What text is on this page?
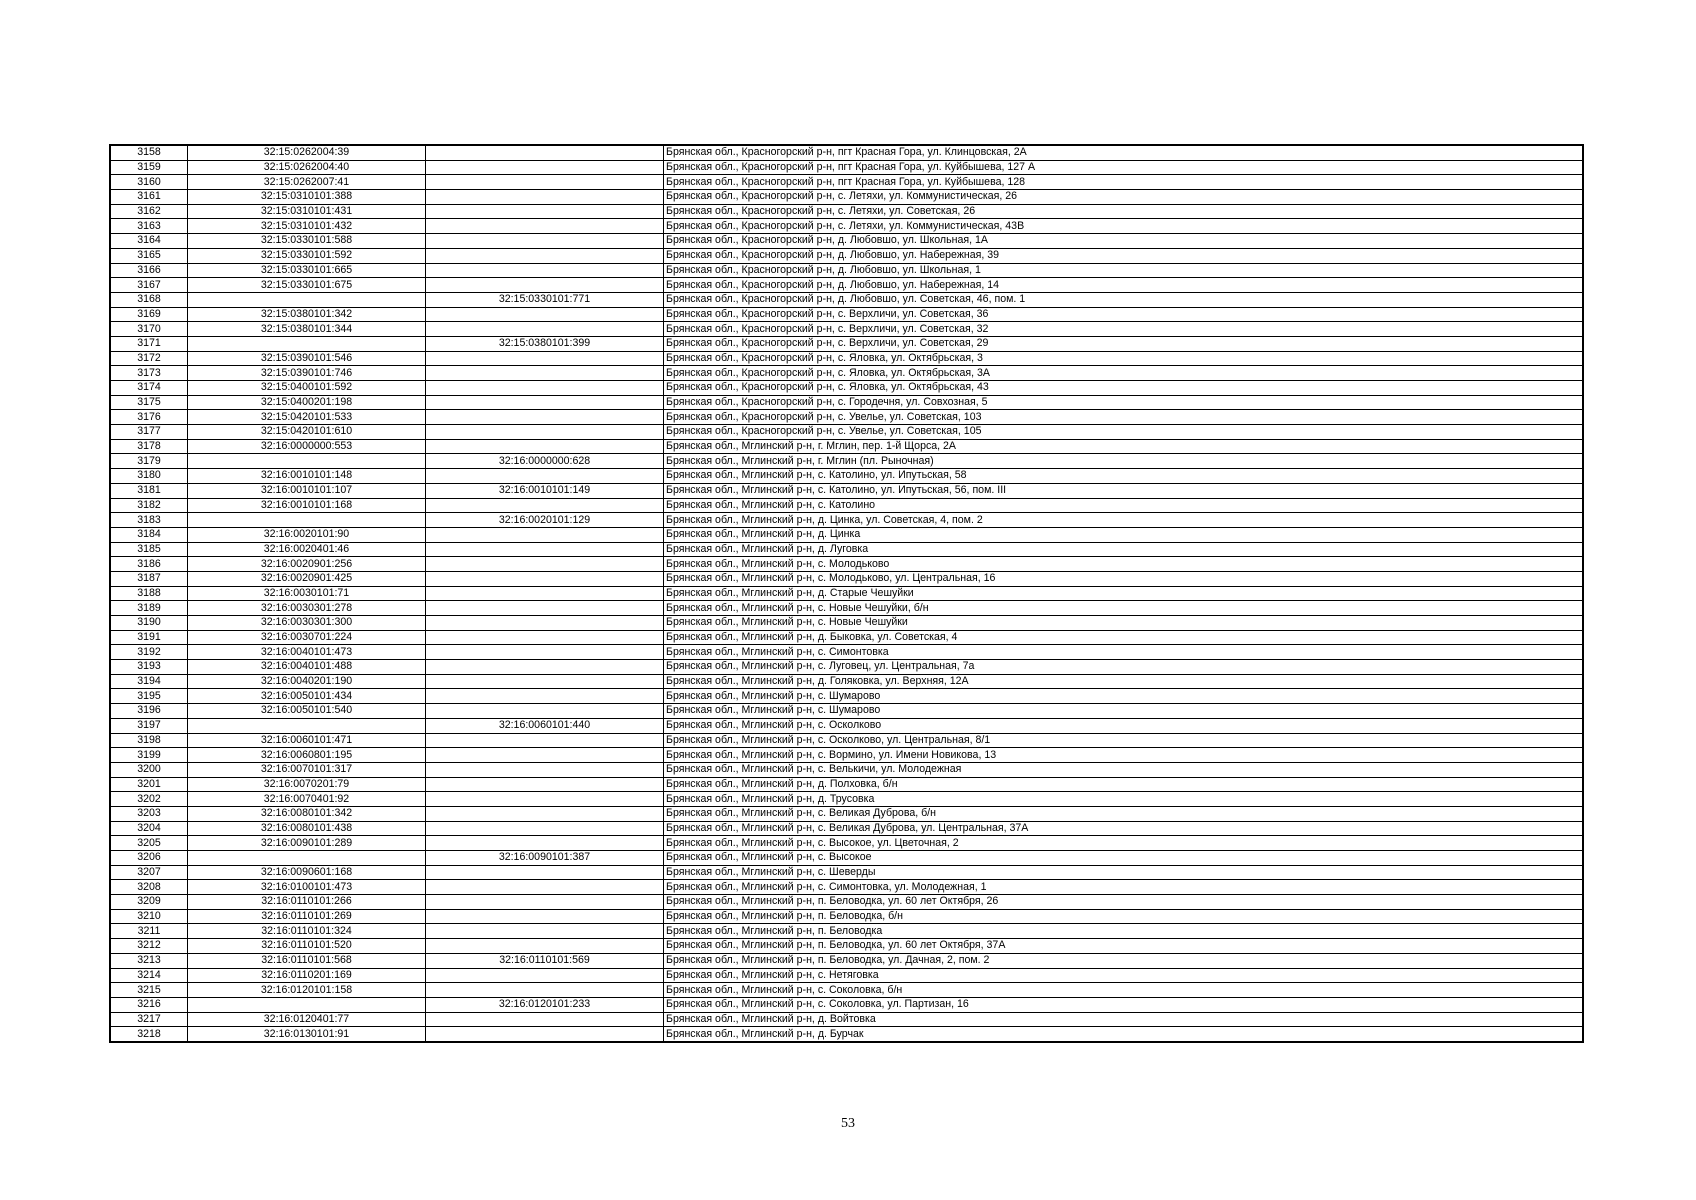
3158	32:15:0262004:39		Брянская обл., Красногорский р-н, пгт Красная Гора, ул. Клинцовская, 2А
3159	32:15:0262004:40		Брянская обл., Красногорский р-н, пгт Красная Гора, ул. Куйбышева, 127 А
3160	32:15:0262007:41		Брянская обл., Красногорский р-н, пгт Красная Гора, ул. Куйбышева, 128
3161	32:15:0310101:388		Брянская обл., Красногорский р-н, с. Летяхи, ул. Коммунистическая, 26
3162	32:15:0310101:431		Брянская обл., Красногорский р-н, с. Летяхи, ул. Советская, 26
3163	32:15:0310101:432		Брянская обл., Красногорский р-н, с. Летяхи, ул. Коммунистическая, 43В
3164	32:15:0330101:588		Брянская обл., Красногорский р-н, д. Любовшо, ул. Школьная, 1А
3165	32:15:0330101:592		Брянская обл., Красногорский р-н, д. Любовшо, ул. Набережная, 39
3166	32:15:0330101:665		Брянская обл., Красногорский р-н, д. Любовшо, ул. Школьная, 1
3167	32:15:0330101:675		Брянская обл., Красногорский р-н, д. Любовшо, ул. Набережная, 14
3168		32:15:0330101:771	Брянская обл., Красногорский р-н, д. Любовшо, ул. Советская, 46, пом. 1
3169	32:15:0380101:342		Брянская обл., Красногорский р-н, с. Верхличи, ул. Советская, 36
3170	32:15:0380101:344		Брянская обл., Красногорский р-н, с. Верхличи, ул. Советская, 32
3171		32:15:0380101:399	Брянская обл., Красногорский р-н, с. Верхличи, ул. Советская, 29
3172	32:15:0390101:546		Брянская обл., Красногорский р-н, с. Яловка, ул. Октябрьская, 3
3173	32:15:0390101:746		Брянская обл., Красногорский р-н, с. Яловка, ул. Октябрьская, 3А
3174	32:15:0400101:592		Брянская обл., Красногорский р-н, с. Яловка, ул. Октябрьская, 43
3175	32:15:0400201:198		Брянская обл., Красногорский р-н, с. Городечня, ул. Совхозная, 5
3176	32:15:0420101:533		Брянская обл., Красногорский р-н, с. Увелье, ул. Советская, 103
3177	32:15:0420101:610		Брянская обл., Красногорский р-н, с. Увелье, ул. Советская, 105
3178	32:16:0000000:553		Брянская обл., Мглинский р-н, г. Мглин, пер. 1-й Щорса, 2А
3179		32:16:0000000:628	Брянская обл., Мглинский р-н, г. Мглин (пл. Рыночная)
3180	32:16:0010101:148		Брянская обл., Мглинский р-н, с. Католино, ул. Ипутьская, 58
3181	32:16:0010101:107	32:16:0010101:149	Брянская обл., Мглинский р-н, с. Католино, ул. Ипутьская, 56, пом. III
3182	32:16:0010101:168		Брянская обл., Мглинский р-н, с. Католино
3183		32:16:0020101:129	Брянская обл., Мглинский р-н, д. Цинка, ул. Советская, 4, пом. 2
3184	32:16:0020101:90		Брянская обл., Мглинский р-н, д. Цинка
3185	32:16:0020401:46		Брянская обл., Мглинский р-н, д. Луговка
3186	32:16:0020901:256		Брянская обл., Мглинский р-н, с. Молодьково
3187	32:16:0020901:425		Брянская обл., Мглинский р-н, с. Молодьково, ул. Центральная, 16
3188	32:16:0030101:71		Брянская обл., Мглинский р-н, д. Старые Чешуйки
3189	32:16:0030301:278		Брянская обл., Мглинский р-н, с. Новые Чешуйки, б/н
3190	32:16:0030301:300		Брянская обл., Мглинский р-н, с. Новые Чешуйки
3191	32:16:0030701:224		Брянская обл., Мглинский р-н, д. Быковка, ул. Советская, 4
3192	32:16:0040101:473		Брянская обл., Мглинский р-н, с. Симонтовка
3193	32:16:0040101:488		Брянская обл., Мглинский р-н, с. Луговец, ул. Центральная, 7а
3194	32:16:0040201:190		Брянская обл., Мглинский р-н, д. Голяковка, ул. Верхняя, 12А
3195	32:16:0050101:434		Брянская обл., Мглинский р-н, с. Шумарово
3196	32:16:0050101:540		Брянская обл., Мглинский р-н, с. Шумарово
3197		32:16:0060101:440	Брянская обл., Мглинский р-н, с. Осколково
3198	32:16:0060101:471		Брянская обл., Мглинский р-н, с. Осколково, ул. Центральная, 8/1
3199	32:16:0060801:195		Брянская обл., Мглинский р-н, с. Вормино, ул. Имени Новикова, 13
3200	32:16:0070101:317		Брянская обл., Мглинский р-н, с. Велькичи, ул. Молодежная
3201	32:16:0070201:79		Брянская обл., Мглинский р-н, д. Полховка, б/н
3202	32:16:0070401:92		Брянская обл., Мглинский р-н, д. Трусовка
3203	32:16:0080101:342		Брянская обл., Мглинский р-н, с. Великая Дуброва, б/н
3204	32:16:0080101:438		Брянская обл., Мглинский р-н, с. Великая Дуброва, ул. Центральная, 37А
3205	32:16:0090101:289		Брянская обл., Мглинский р-н, с. Высокое, ул. Цветочная, 2
3206		32:16:0090101:387	Брянская обл., Мглинский р-н, с. Высокое
3207	32:16:0090601:168		Брянская обл., Мглинский р-н, с. Шеверды
3208	32:16:0100101:473		Брянская обл., Мглинский р-н, с. Симонтовка, ул. Молодежная, 1
3209	32:16:0110101:266		Брянская обл., Мглинский р-н, п. Беловодка, ул. 60 лет Октября, 26
3210	32:16:0110101:269		Брянская обл., Мглинский р-н, п. Беловодка, б/н
3211	32:16:0110101:324		Брянская обл., Мглинский р-н, п. Беловодка
3212	32:16:0110101:520		Брянская обл., Мглинский р-н, п. Беловодка, ул. 60 лет Октября, 37А
3213	32:16:0110101:568	32:16:0110101:569	Брянская обл., Мглинский р-н, п. Беловодка, ул. Дачная, 2, пом. 2
3214	32:16:0110201:169		Брянская обл., Мглинский р-н, с. Нетяговка
3215	32:16:0120101:158		Брянская обл., Мглинский р-н, с. Соколовка, б/н
3216		32:16:0120101:233	Брянская обл., Мглинский р-н, с. Соколовка, ул. Партизан, 16
3217	32:16:0120401:77		Брянская обл., Мглинский р-н, д. Войтовка
3218	32:16:0130101:91		Брянская обл., Мглинский р-н, д. Бурчак
53
